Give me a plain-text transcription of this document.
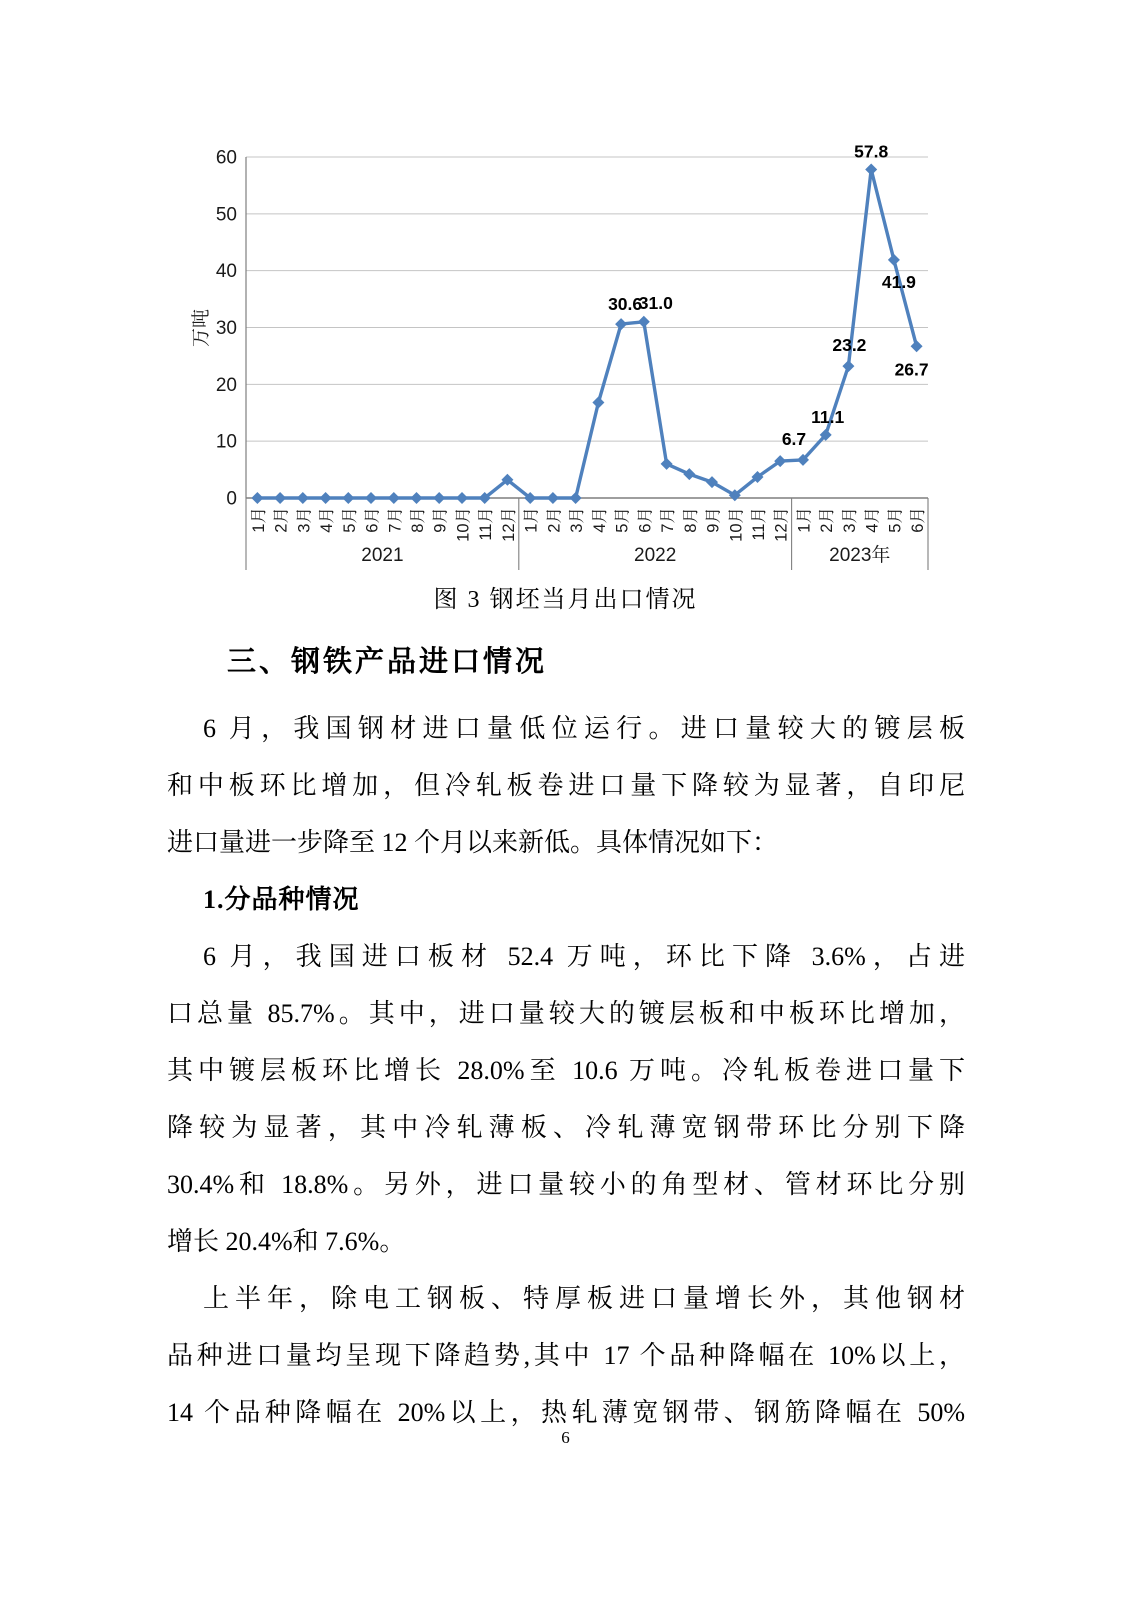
0
10
20
30
40
50
60
万吨
1月 2月 3月 4月 5月 6月 7月 8月 9月 10月 11月 12月 1月 2月 3月 4月 5月 6月 7月 8月 9月 10月 11月 12月 1月 2月 3月 4月 5月 6月
2021	2022	2023年
30.6
31.0
6.7
11.1
23.2
57.8
41.9
26.7
图 3 钢坯当月出口情况
三、钢铁产品进口情况
6 月，我国钢材进口量低位运行。进口量较大的镀层板
和中板环比增加，但冷轧板卷进口量下降较为显著，自印尼
进口量进一步降至 12 个月以来新低。具体情况如下：
1.分品种情况
6 月，我国进口板材 52.4 万吨，环比下降 3.6%，占进
口总量 85.7%。其中，进口量较大的镀层板和中板环比增加，
其中镀层板环比增长 28.0%至 10.6 万吨。冷轧板卷进口量下
降较为显著，其中冷轧薄板、冷轧薄宽钢带环比分别下降
30.4%和 18.8%。另外，进口量较小的角型材、管材环比分别
增长 20.4%和 7.6%。
上半年，除电工钢板、特厚板进口量增长外，其他钢材
品种进口量均呈现下降趋势,其中 17 个品种降幅在 10%以上，
14 个品种降幅在 20%以上，热轧薄宽钢带、钢筋降幅在 50%
6
